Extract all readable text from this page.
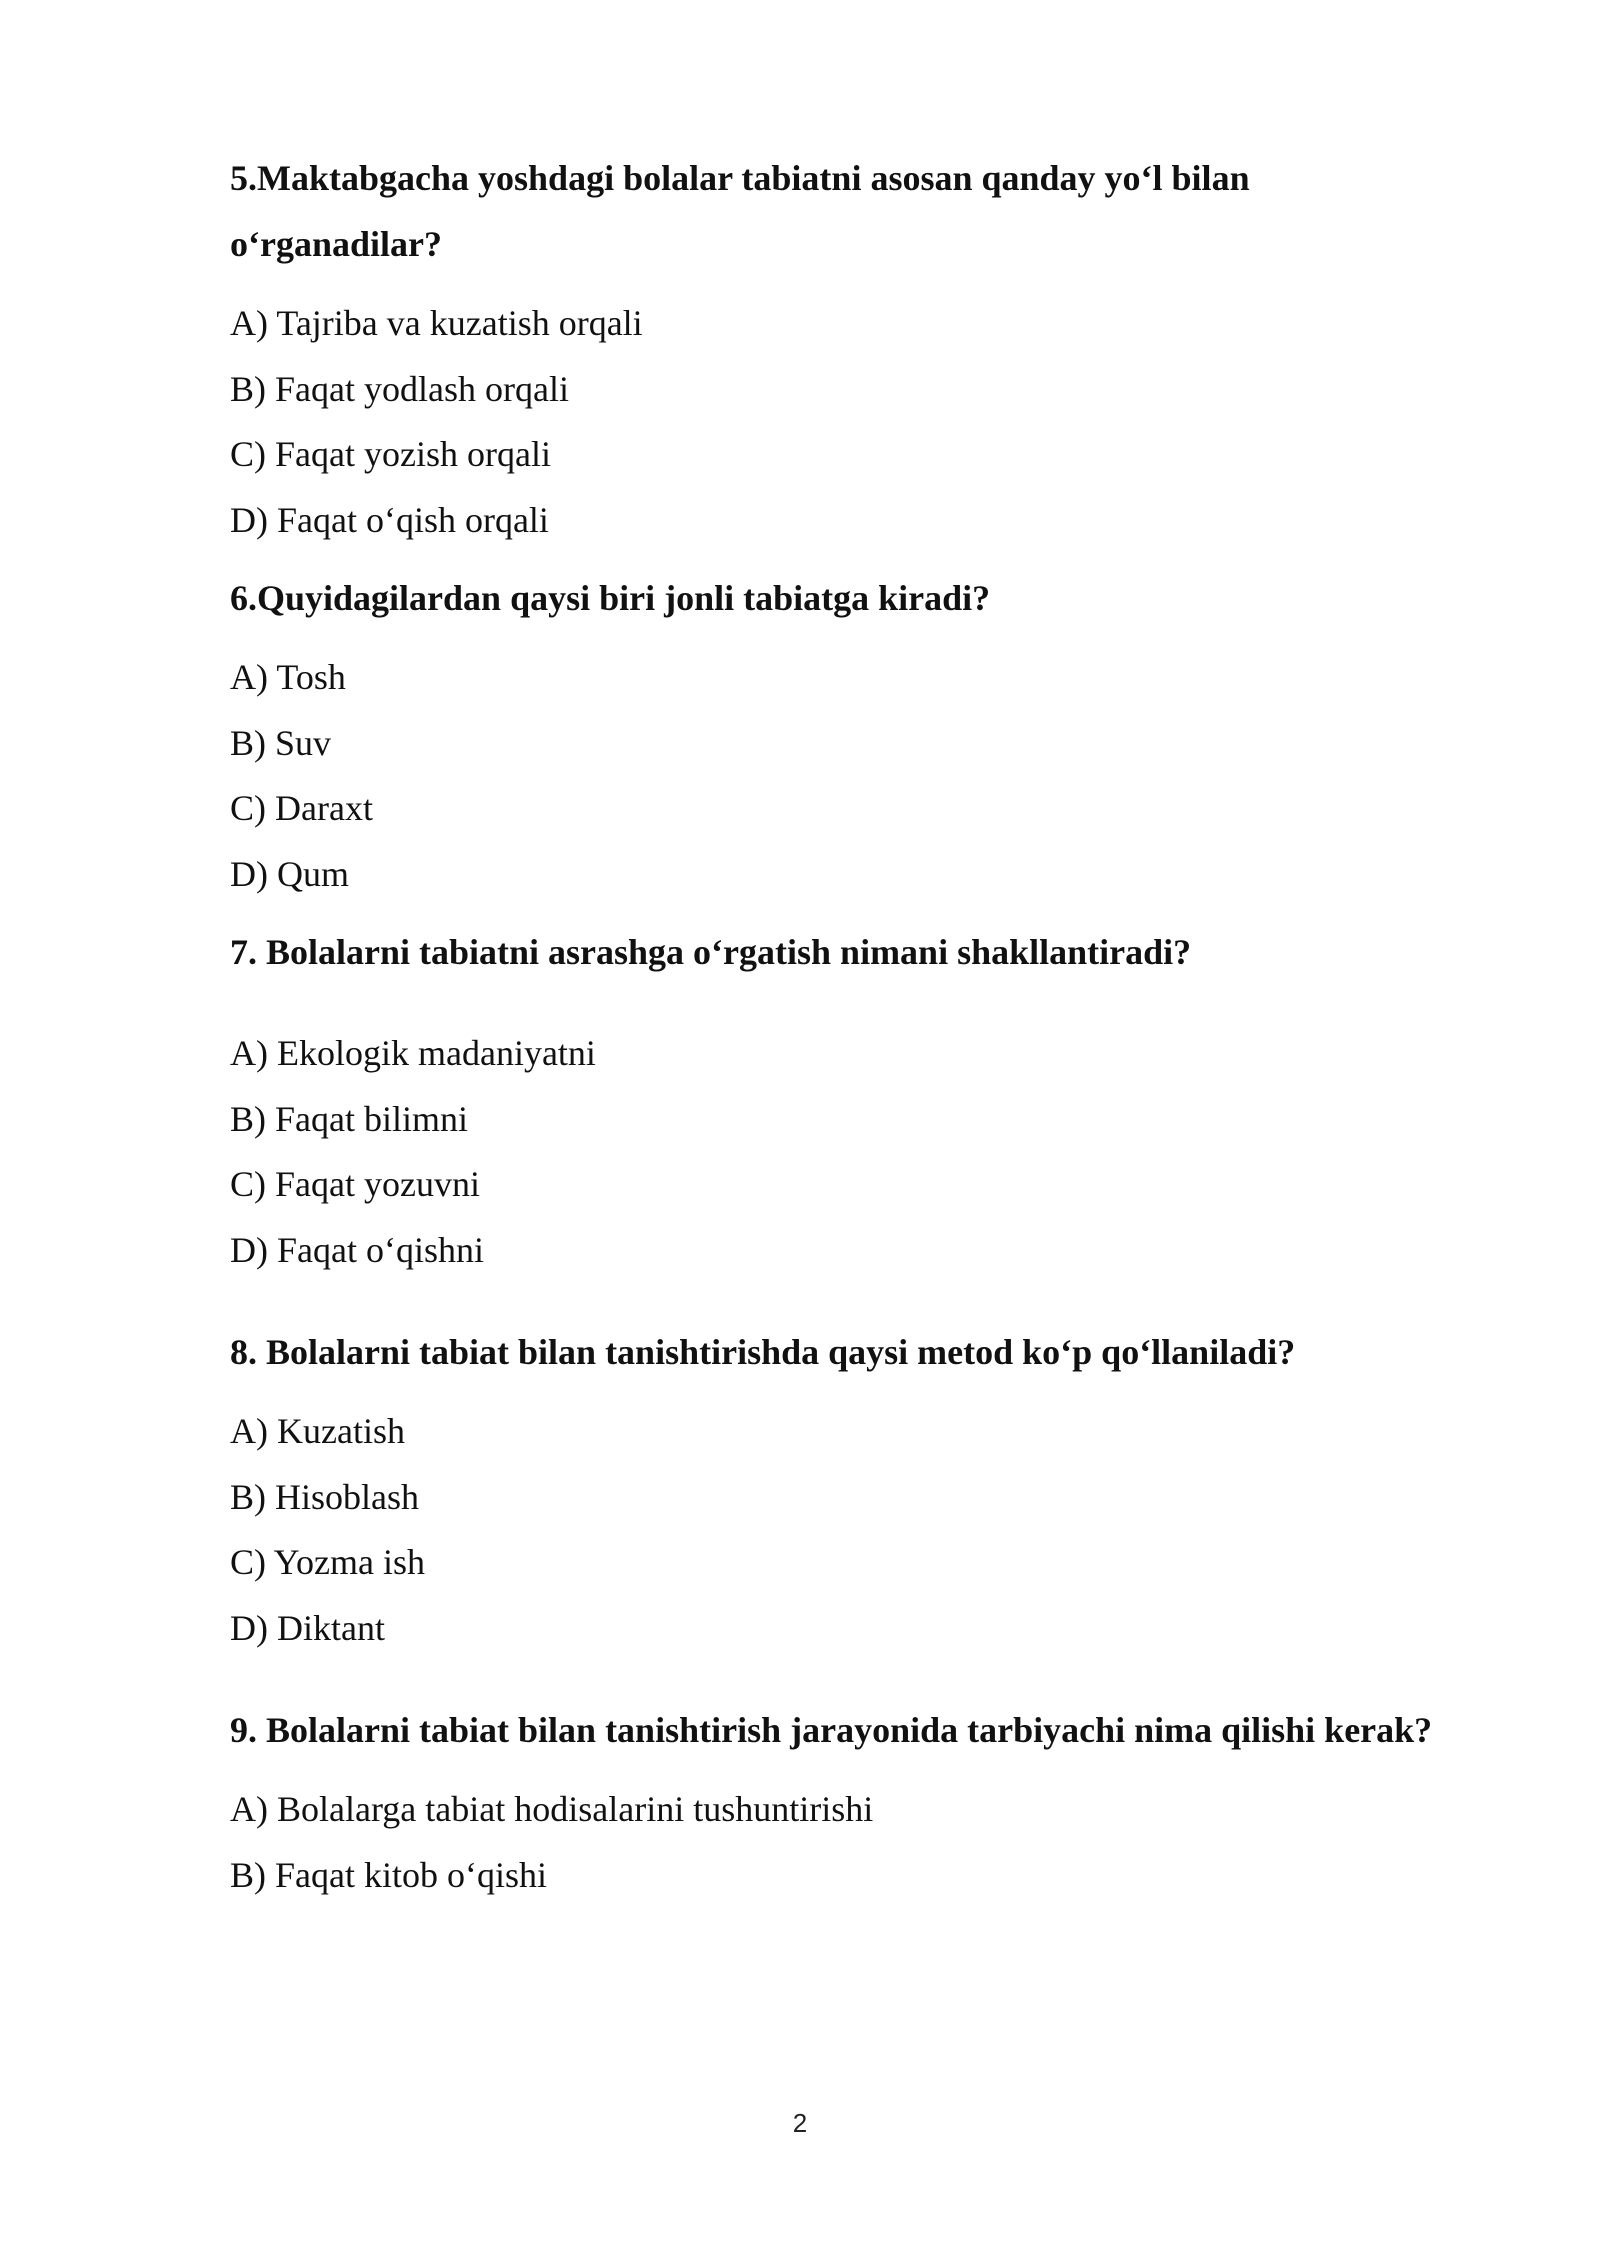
5.Maktabgacha yoshdagi bolalar tabiatni asosan qanday yo‘l bilan o‘rganadilar?

A) Tajriba va kuzatish orqali
B) Faqat yodlash orqali
C) Faqat yozish orqali
D) Faqat o‘qish orqali

6.Quyidagilardan qaysi biri jonli tabiatga kiradi?

A) Tosh
B) Suv
C) Daraxt
D) Qum

7. Bolalarni tabiatni asrashga o‘rgatish nimani shakllantiradi?

A) Ekologik madaniyatni
B) Faqat bilimni
C) Faqat yozuvni
D) Faqat o‘qishni

8. Bolalarni tabiat bilan tanishtirishda qaysi metod ko‘p qo‘llaniladi?

A) Kuzatish
B) Hisoblash
C) Yozma ish
D) Diktant

9. Bolalarni tabiat bilan tanishtirish jarayonida tarbiyachi nima qilishi kerak?

A) Bolalarga tabiat hodisalarini tushuntirishi
B) Faqat kitob o‘qishi
2
